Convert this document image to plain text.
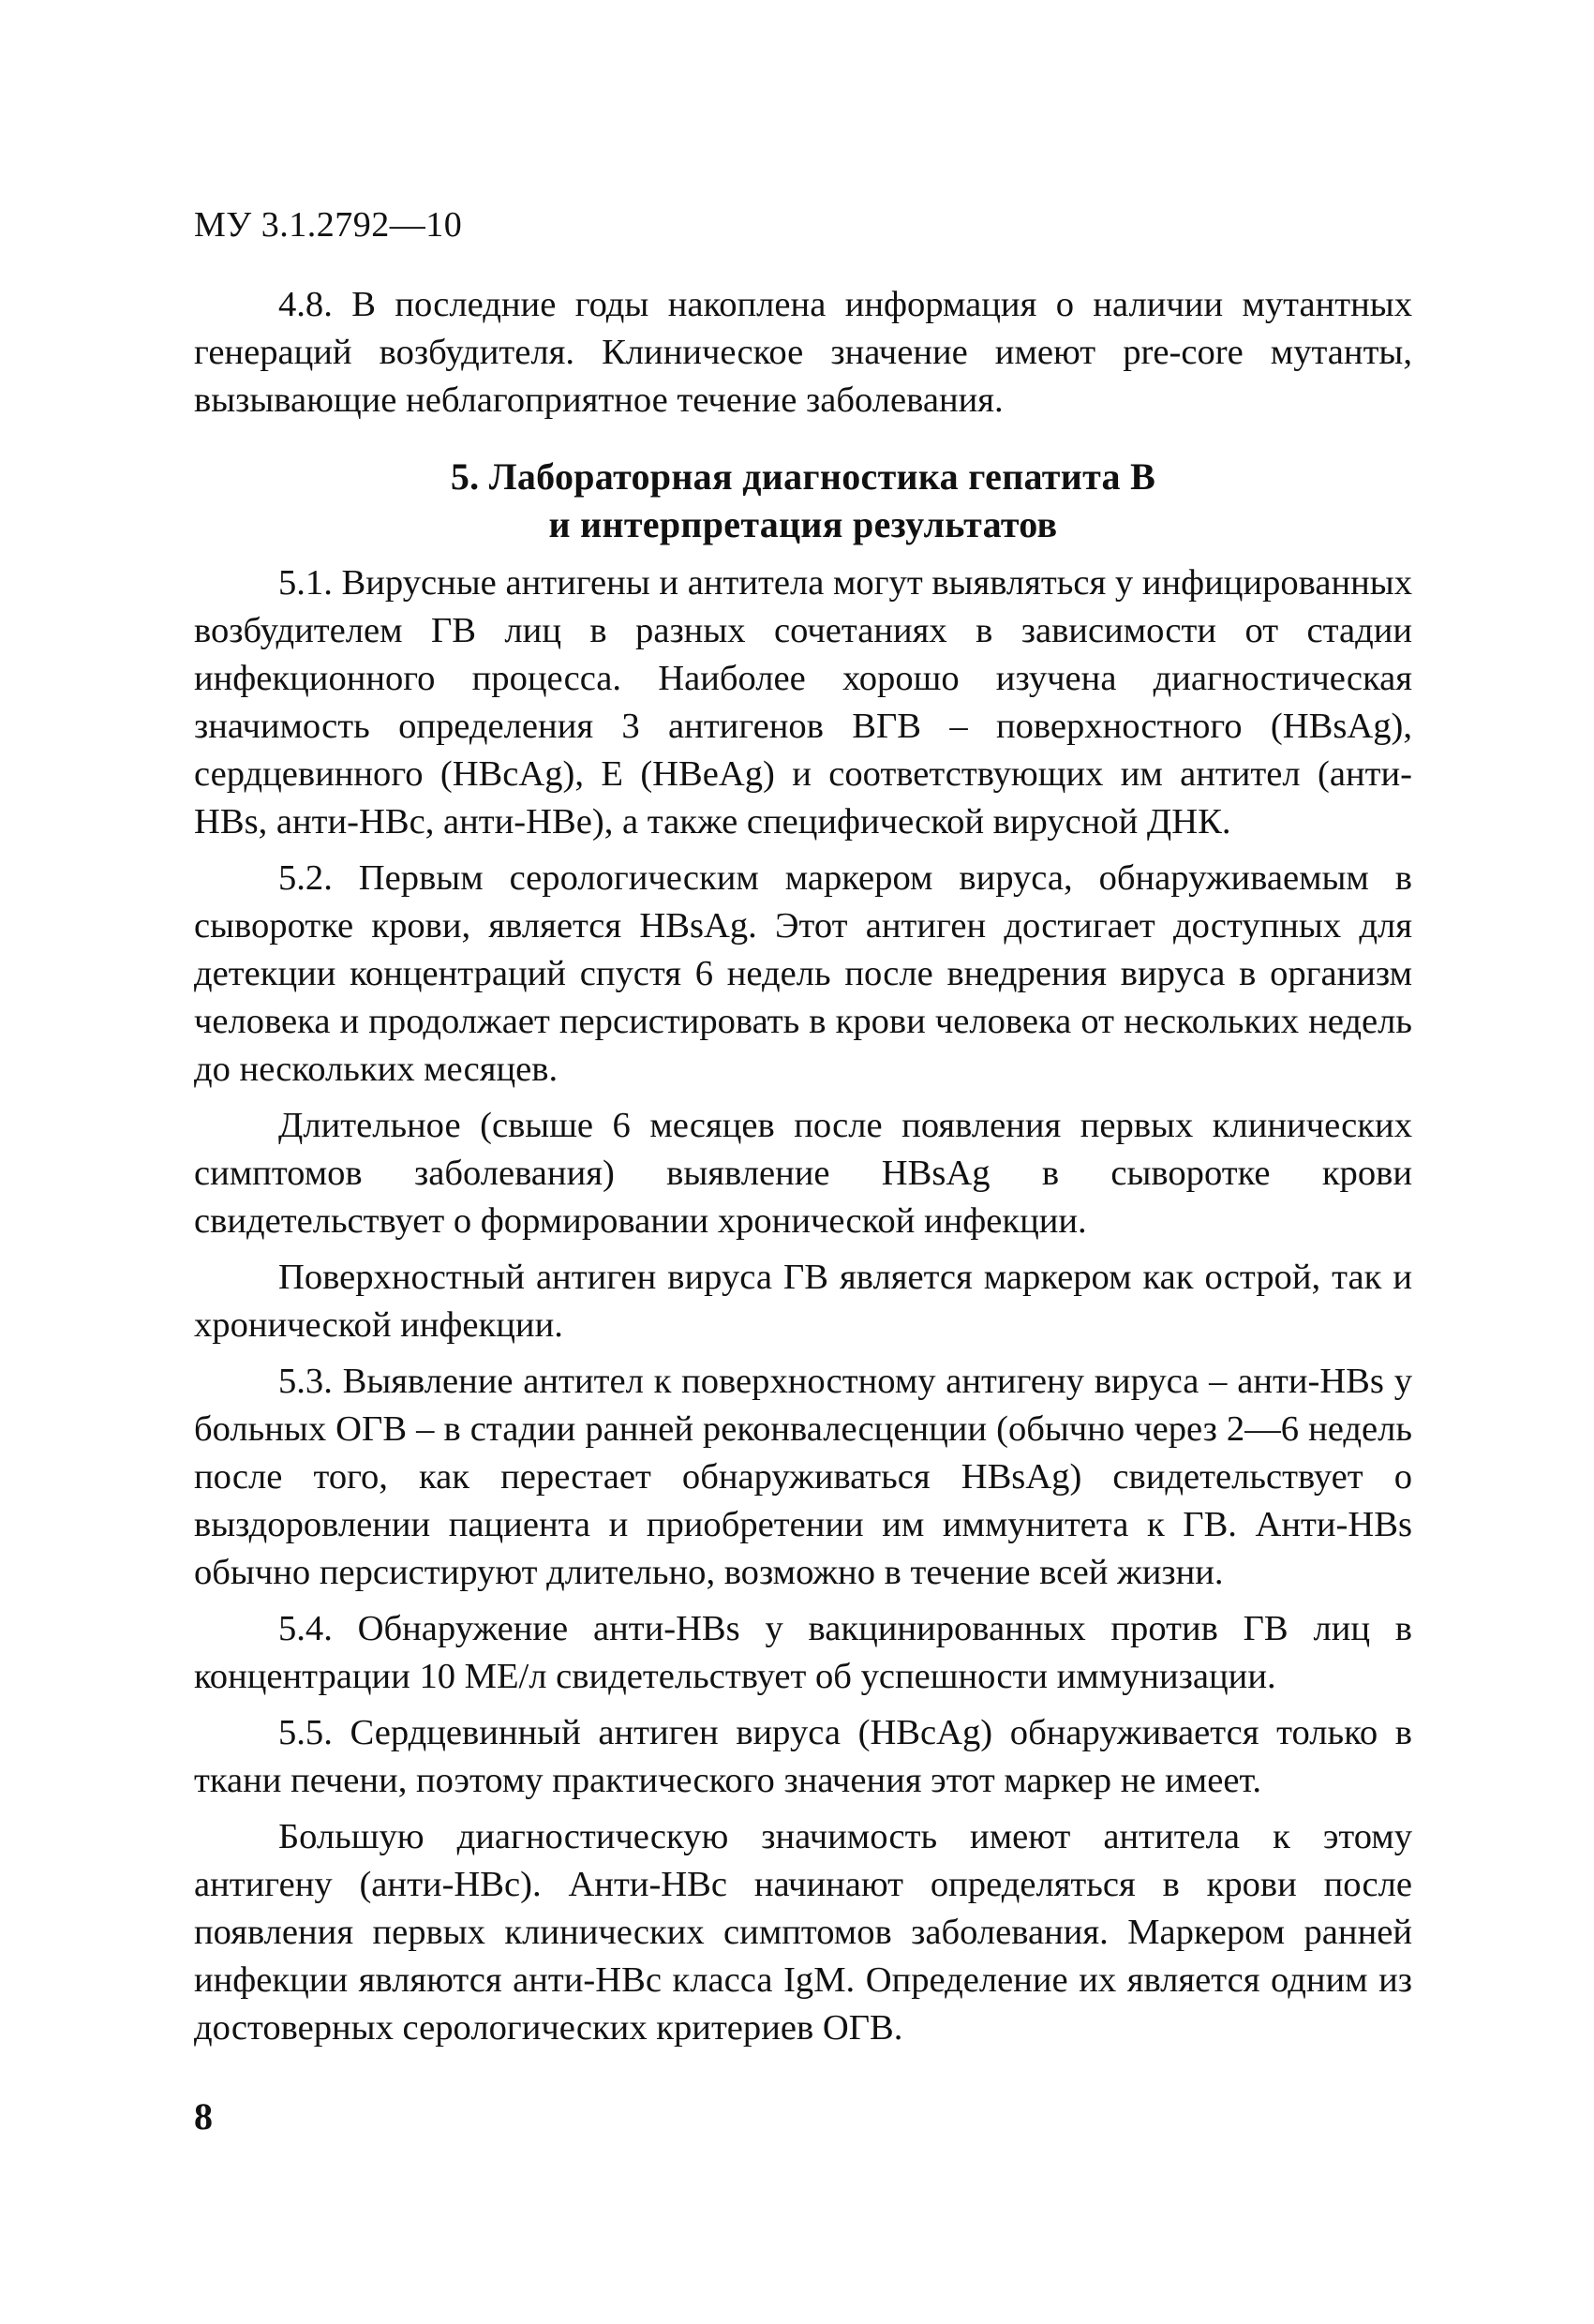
МУ 3.1.2792—10

4.8. В последние годы накоплена информация о наличии мутантных генераций возбудителя. Клиническое значение имеют pre-core мутанты, вызывающие неблагоприятное течение заболевания.

5. Лабораторная диагностика гепатита В
и интерпретация результатов

5.1. Вирусные антигены и антитела могут выявляться у инфицированных возбудителем ГВ лиц в разных сочетаниях в зависимости от стадии инфекционного процесса. Наиболее хорошо изучена диагностическая значимость определения 3 антигенов ВГВ – поверхностного (HBsAg), сердцевинного (HBcAg), E (HBeAg) и соответствующих им антител (анти-HBs, анти-HBc, анти-HBe), а также специфической вирусной ДНК.

5.2. Первым серологическим маркером вируса, обнаруживаемым в сыворотке крови, является HBsAg. Этот антиген достигает доступных для детекции концентраций спустя 6 недель после внедрения вируса в организм человека и продолжает персистировать в крови человека от нескольких недель до нескольких месяцев.

Длительное (свыше 6 месяцев после появления первых клинических симптомов заболевания) выявление HBsAg в сыворотке крови свидетельствует о формировании хронической инфекции.

Поверхностный антиген вируса ГВ является маркером как острой, так и хронической инфекции.

5.3. Выявление антител к поверхностному антигену вируса – анти-HBs у больных ОГВ – в стадии ранней реконвалесценции (обычно через 2—6 недель после того, как перестает обнаруживаться HBsAg) свидетельствует о выздоровлении пациента и приобретении им иммунитета к ГВ. Анти-HBs обычно персистируют длительно, возможно в течение всей жизни.

5.4. Обнаружение анти-HBs у вакцинированных против ГВ лиц в концентрации 10 МЕ/л свидетельствует об успешности иммунизации.

5.5. Сердцевинный антиген вируса (HBcAg) обнаруживается только в ткани печени, поэтому практического значения этот маркер не имеет.

Большую диагностическую значимость имеют антитела к этому антигену (анти-HBc). Анти-HBc начинают определяться в крови после появления первых клинических симптомов заболевания. Маркером ранней инфекции являются анти-HBc класса IgM. Определение их является одним из достоверных серологических критериев ОГВ.

8
